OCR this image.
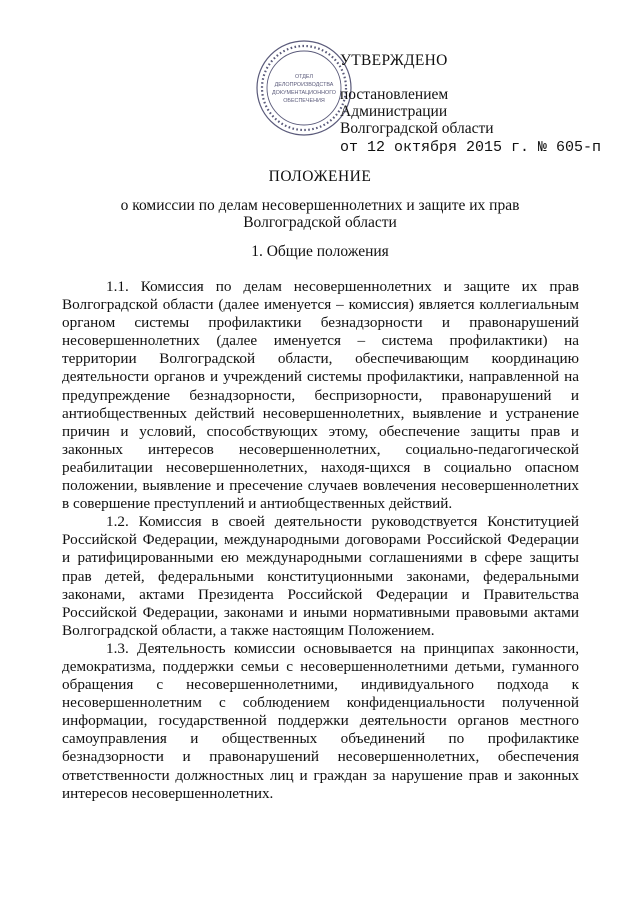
ОТДЕЛ
ДЕЛОПРОИЗВОДСТВА
ДОКУМЕНТАЦИОННОГО
ОБЕСПЕЧЕНИЯ
УТВЕРЖДЕНО
постановлением
Администрации
Волгоградской области
от 12 октября 2015 г. № 605-п
ПОЛОЖЕНИЕ
о комиссии по делам несовершеннолетних и защите их прав
Волгоградской области
1. Общие положения

1.1. Комиссия по делам несовершеннолетних и защите их прав Волгоградской области (далее именуется – комиссия) является коллегиальным органом системы профилактики безнадзорности и правонарушений несовершеннолетних (далее именуется – система профилактики) на территории Волгоградской области, обеспечивающим координацию деятельности органов и учреждений системы профилактики, направленной на предупреждение безнадзорности, беспризорности, правонарушений и антиобщественных действий несовершеннолетних, выявление и устранение причин и условий, способствующих этому, обеспечение защиты прав и законных интересов несовершеннолетних, социально-педагогической реабилитации несовершеннолетних, находя-щихся в социально опасном положении, выявление и пресечение случаев вовлечения несовершеннолетних в совершение преступлений и антиобщественных действий.

1.2. Комиссия в своей деятельности руководствуется Конституцией Российской Федерации, международными договорами Российской Федерации и ратифицированными ею международными соглашениями в сфере защиты прав детей, федеральными конституционными законами, федеральными законами, актами Президента Российской Федерации и Правительства Российской Федерации, законами и иными нормативными правовыми актами Волгоградской области, а также настоящим Положением.

1.3. Деятельность комиссии основывается на принципах законности, демократизма, поддержки семьи с несовершеннолетними детьми, гуманного обращения с несовершеннолетними, индивидуального подхода к несовершеннолетним с соблюдением конфиденциальности полученной информации, государственной поддержки деятельности органов местного самоуправления и общественных объединений по профилактике безнадзорности и правонарушений несовершеннолетних, обеспечения ответственности должностных лиц и граждан за нарушение прав и законных интересов несовершеннолетних.
